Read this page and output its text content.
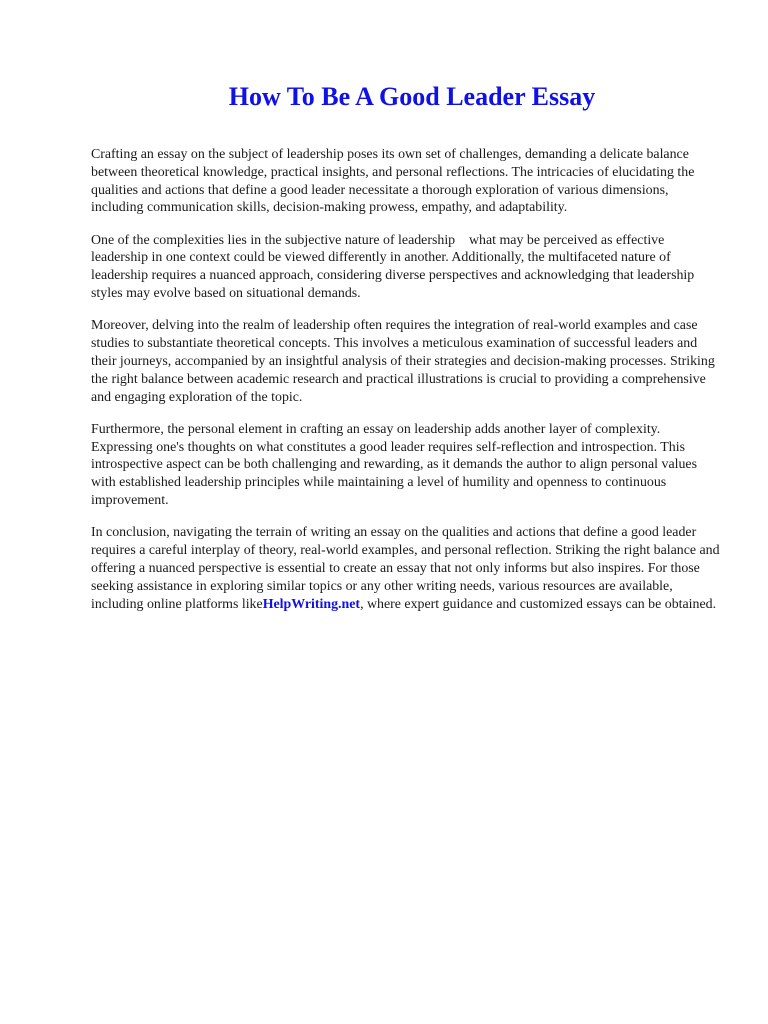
How To Be A Good Leader Essay

Crafting an essay on the subject of leadership poses its own set of challenges, demanding a delicate balance between theoretical knowledge, practical insights, and personal reflections. The intricacies of elucidating the qualities and actions that define a good leader necessitate a thorough exploration of various dimensions, including communication skills, decision-making prowess, empathy, and adaptability.

One of the complexities lies in the subjective nature of leadership    what may be perceived as effective leadership in one context could be viewed differently in another. Additionally, the multifaceted nature of leadership requires a nuanced approach, considering diverse perspectives and acknowledging that leadership styles may evolve based on situational demands.

Moreover, delving into the realm of leadership often requires the integration of real-world examples and case studies to substantiate theoretical concepts. This involves a meticulous examination of successful leaders and their journeys, accompanied by an insightful analysis of their strategies and decision-making processes. Striking the right balance between academic research and practical illustrations is crucial to providing a comprehensive and engaging exploration of the topic.

Furthermore, the personal element in crafting an essay on leadership adds another layer of complexity. Expressing one's thoughts on what constitutes a good leader requires self-reflection and introspection. This introspective aspect can be both challenging and rewarding, as it demands the author to align personal values with established leadership principles while maintaining a level of humility and openness to continuous improvement.

In conclusion, navigating the terrain of writing an essay on the qualities and actions that define a good leader requires a careful interplay of theory, real-world examples, and personal reflection. Striking the right balance and offering a nuanced perspective is essential to create an essay that not only informs but also inspires. For those seeking assistance in exploring similar topics or any other writing needs, various resources are available, including online platforms likeHelpWriting.net, where expert guidance and customized essays can be obtained.
